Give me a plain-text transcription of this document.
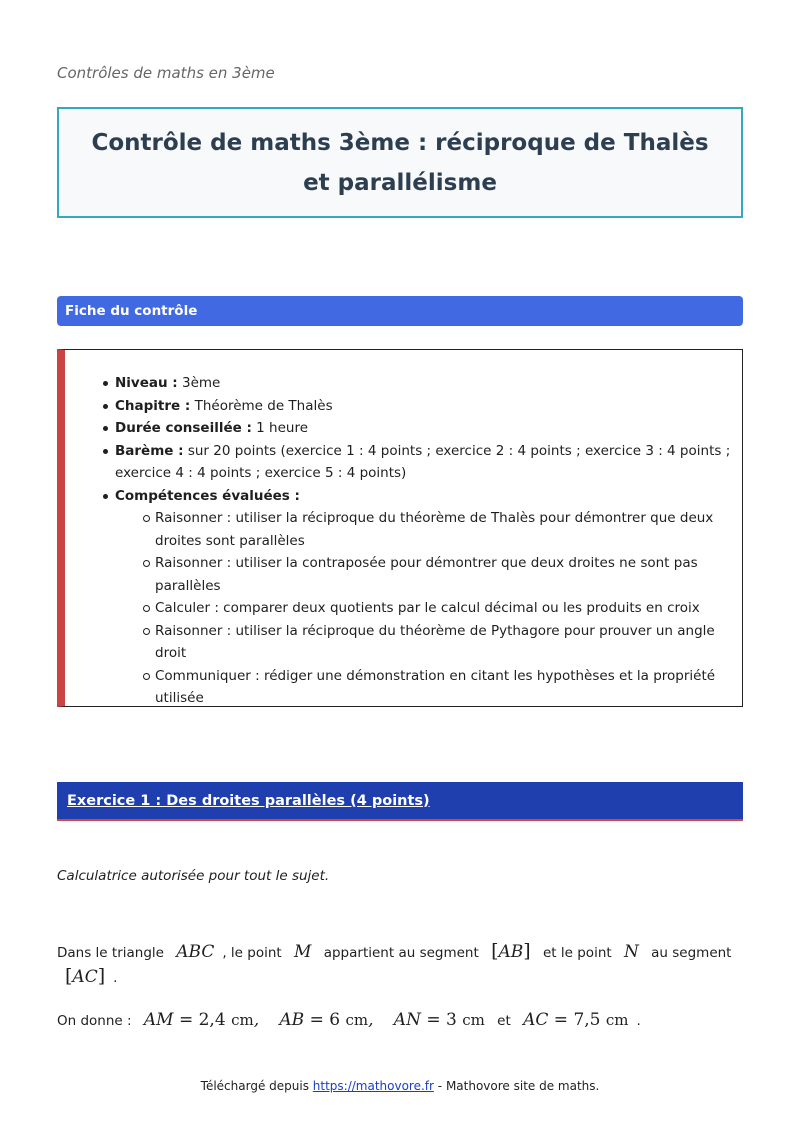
Contrôles de maths en 3ème
Contrôle de maths 3ème : réciproque de Thalès et parallélisme
Fiche du contrôle
Niveau : 3ème
Chapitre : Théorème de Thalès
Durée conseillée : 1 heure
Barème : sur 20 points (exercice 1 : 4 points ; exercice 2 : 4 points ; exercice 3 : 4 points ; exercice 4 : 4 points ; exercice 5 : 4 points)
Compétences évaluées :
Raisonner : utiliser la réciproque du théorème de Thalès pour démontrer que deux droites sont parallèles
Raisonner : utiliser la contraposée pour démontrer que deux droites ne sont pas parallèles
Calculer : comparer deux quotients par le calcul décimal ou les produits en croix
Raisonner : utiliser la réciproque du théorème de Pythagore pour prouver un angle droit
Communiquer : rédiger une démonstration en citant les hypothèses et la propriété utilisée
Exercice 1 : Des droites parallèles (4 points)
Calculatrice autorisée pour tout le sujet.
Dans le triangle ABC , le point M appartient au segment [AB] et le point N au segment [AC] .
On donne : AM = 2,4 cm, AB = 6 cm, AN = 3 cm et AC = 7,5 cm .
Téléchargé depuis https://mathovore.fr - Mathovore site de maths.
